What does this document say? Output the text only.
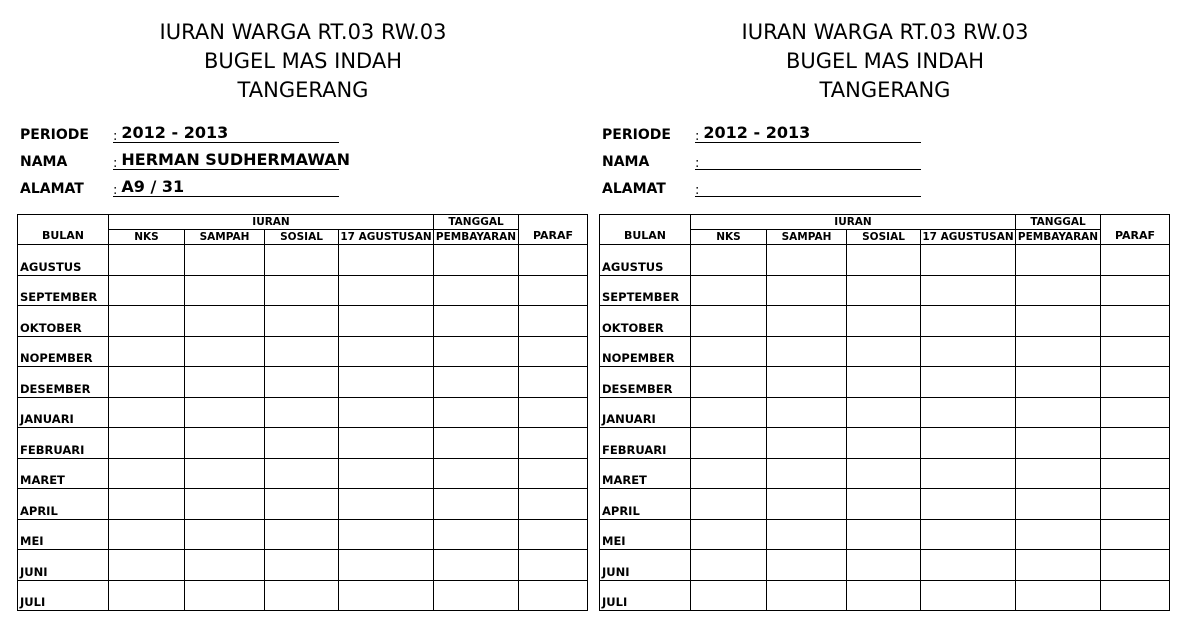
IURAN WARGA RT.03 RW.03
BUGEL MAS INDAH
TANGERANG
PERIODE	: 2012 - 2013
NAMA	: HERMAN SUDHERMAWAN
ALAMAT	: A9 / 31
BULAN	IURAN				TANGGAL	PARAF
	NKS	SAMPAH	SOSIAL	17 AGUSTUSAN	PEMBAYARAN	
AGUSTUS						
SEPTEMBER						
OKTOBER						
NOPEMBER						
DESEMBER						
JANUARI						
FEBRUARI						
MARET						
APRIL						
MEI						
JUNI						
JULI						
IURAN WARGA RT.03 RW.03
BUGEL MAS INDAH
TANGERANG
PERIODE	: 2012 - 2013
NAMA	:
ALAMAT	:
BULAN	IURAN				TANGGAL	PARAF
	NKS	SAMPAH	SOSIAL	17 AGUSTUSAN	PEMBAYARAN	
AGUSTUS						
SEPTEMBER						
OKTOBER						
NOPEMBER						
DESEMBER						
JANUARI						
FEBRUARI						
MARET						
APRIL						
MEI						
JUNI						
JULI						
